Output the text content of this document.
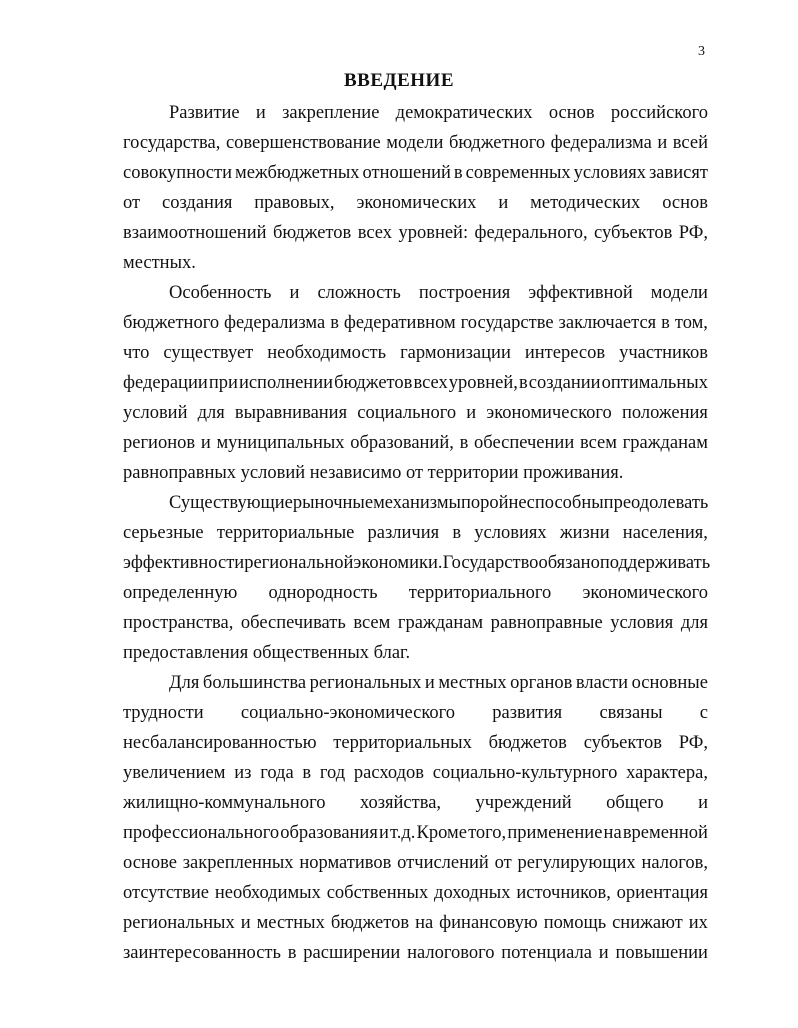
3
ВВЕДЕНИЕ
Развитие и закрепление демократических основ российского
государства, совершенствование модели бюджетного федерализма и всей
совокупности межбюджетных отношений в современных условиях зависят
от создания правовых, экономических и методических основ
взаимоотношений бюджетов всех уровней: федерального, субъектов РФ,
местных.
Особенность и сложность построения эффективной модели
бюджетного федерализма в федеративном государстве заключается в том,
что существует необходимость гармонизации интересов участников
федерации при исполнении бюджетов всех уровней, в создании оптимальных
условий для выравнивания социального и экономического положения
регионов и муниципальных образований, в обеспечении всем гражданам
равноправных условий независимо от территории проживания.
Существующие рыночные механизмы порой не способны преодолевать
серьезные территориальные различия в условиях жизни населения,
эффективности региональной экономики. Государство обязано поддерживать
определенную однородность территориального экономического
пространства, обеспечивать всем гражданам равноправные условия для
предоставления общественных благ.
Для большинства региональных и местных органов власти основные
трудности социально-экономического развития связаны с
несбалансированностью территориальных бюджетов субъектов РФ,
увеличением из года в год расходов социально-культурного характера,
жилищно-коммунального хозяйства, учреждений общего и
профессионального образования и т.д. Кроме того, применение на временной
основе закрепленных нормативов отчислений от регулирующих налогов,
отсутствие необходимых собственных доходных источников, ориентация
региональных и местных бюджетов на финансовую помощь снижают их
заинтересованность в расширении налогового потенциала и повышении
